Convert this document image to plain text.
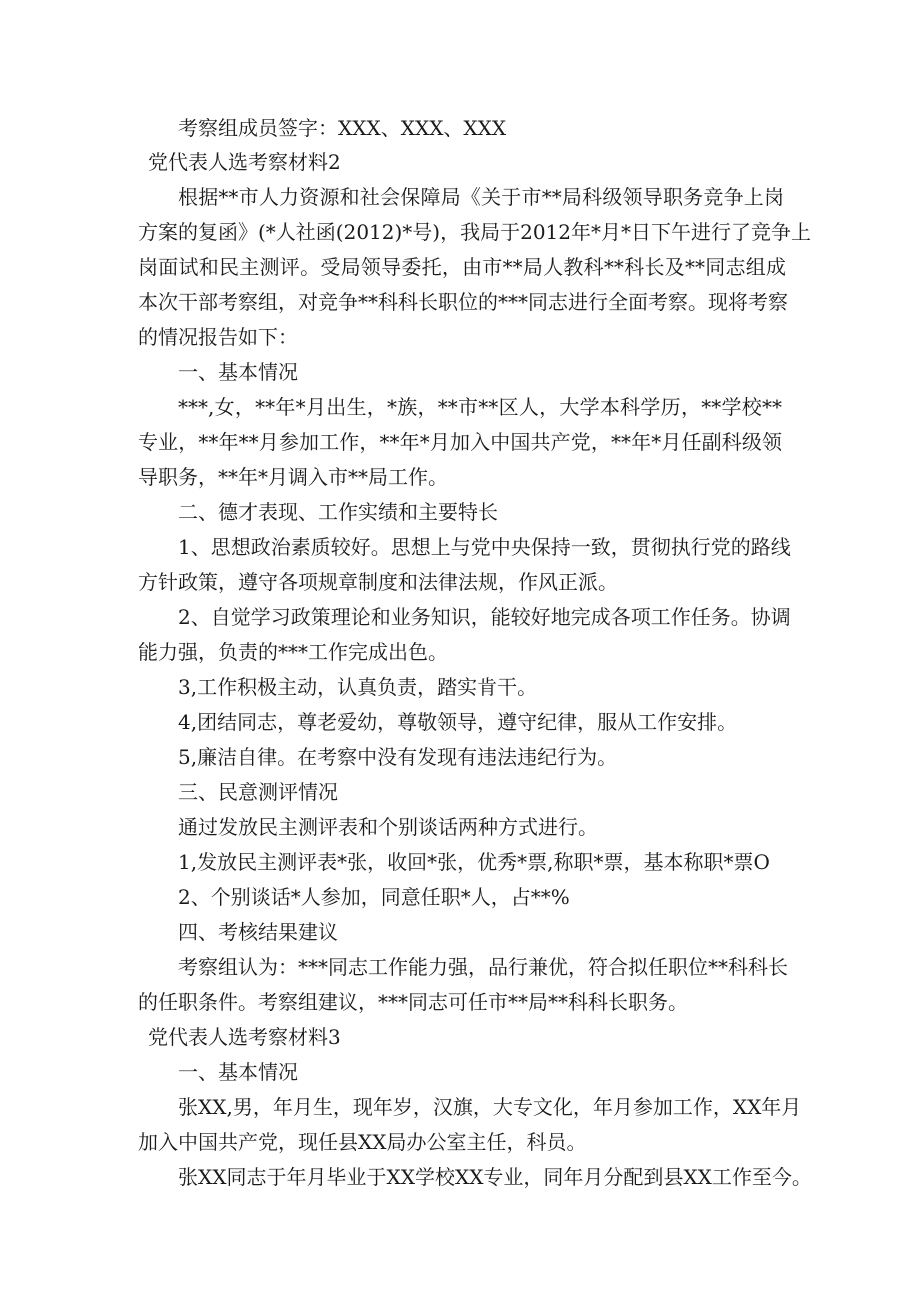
考察组成员签字：XXX、XXX、XXX
党代表人选考察材料2
根据**市人力资源和社会保障局《关于市**局科级领导职务竞争上岗
方案的复函》(*人社函(2012)*号)，我局于2012年*月*日下午进行了竞争上
岗面试和民主测评。受局领导委托，由市**局人教科**科长及**同志组成
本次干部考察组，对竞争**科科长职位的***同志进行全面考察。现将考察
的情况报告如下：
一、基本情况
***,女，**年*月出生，*族，**市**区人，大学本科学历，**学校**
专业，**年**月参加工作，**年*月加入中国共产党，**年*月任副科级领
导职务，**年*月调入市**局工作。
二、德才表现、工作实绩和主要特长
1、思想政治素质较好。思想上与党中央保持一致，贯彻执行党的路线
方针政策，遵守各项规章制度和法律法规，作风正派。
2、自觉学习政策理论和业务知识，能较好地完成各项工作任务。协调
能力强，负责的***工作完成出色。
3,工作积极主动，认真负责，踏实肯干。
4,团结同志，尊老爱幼，尊敬领导，遵守纪律，服从工作安排。
5,廉洁自律。在考察中没有发现有违法违纪行为。
三、民意测评情况
通过发放民主测评表和个别谈话两种方式进行。
1,发放民主测评表*张，收回*张，优秀*票,称职*票，基本称职*票O
2、个别谈话*人参加，同意任职*人，占**%
四、考核结果建议
考察组认为：***同志工作能力强，品行兼优，符合拟任职位**科科长
的任职条件。考察组建议，***同志可任市**局**科科长职务。
党代表人选考察材料3
一、基本情况
张XX,男，年月生，现年岁，汉旗，大专文化，年月参加工作，XX年月
加入中国共产党，现任县XX局办公室主任，科员。
张XX同志于年月毕业于XX学校XX专业，同年月分配到县XX工作至今。
